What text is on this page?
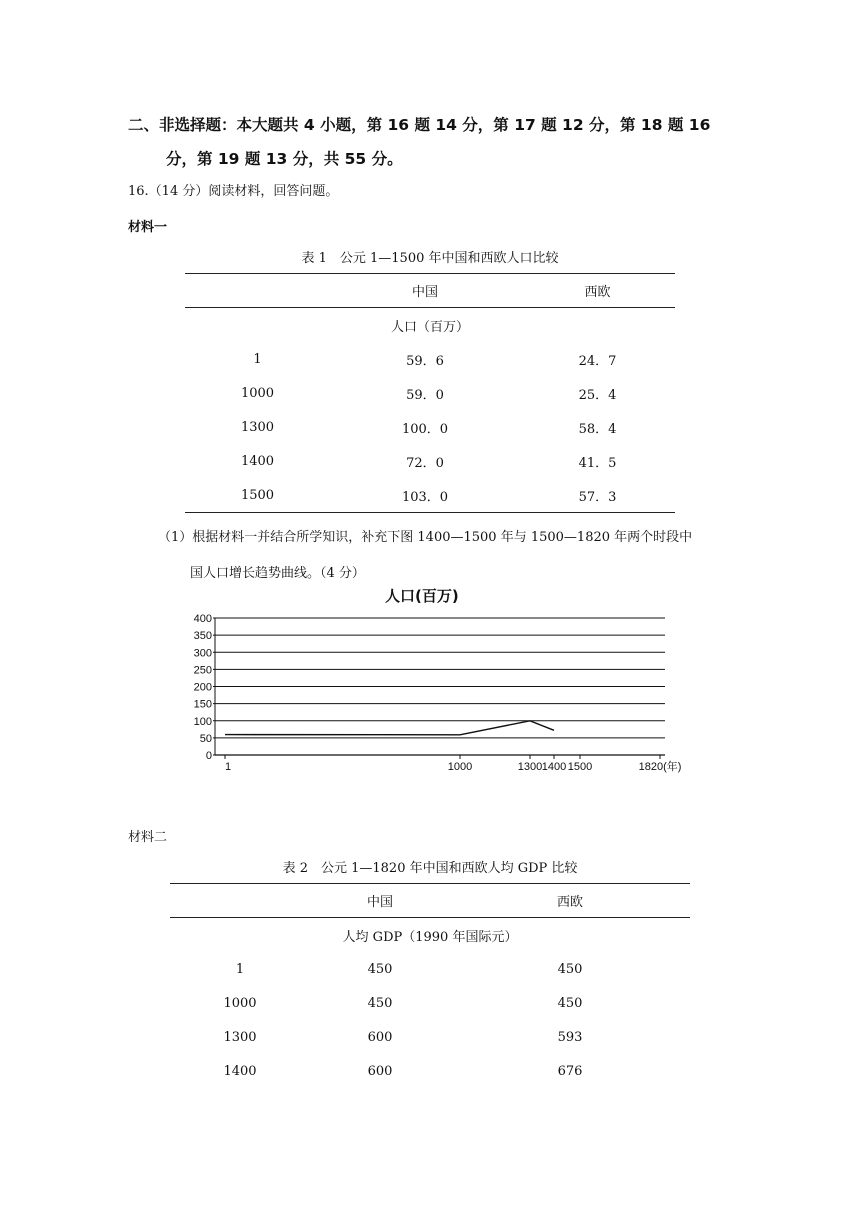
二、非选择题：本大题共 4 小题，第 16 题 14 分，第 17 题 12 分，第 18 题 16
分，第 19 题 13 分，共 55 分。
16.（14 分）阅读材料，回答问题。
材料一
表 1　公元 1—1500 年中国和西欧人口比较
	中国	西欧
人口（百万）		
1	59．6	24．7
1000	59．0	25．4
1300	100．0	58．4
1400	72．0	41．5
1500	103．0	57．3
（1）根据材料一并结合所学知识，补充下图 1400—1500 年与 1500—1820 年两个时段中
国人口增长趋势曲线。（4 分）
人口(百万)
0
50
100
150
200
250
300
350
400
1	1000	1300 1400 1500	1820(年)
材料二
表 2　公元 1—1820 年中国和西欧人均 GDP 比较
	中国	西欧
人均 GDP（1990 年国际元）		
1	450	450
1000	450	450
1300	600	593
1400	600	676
